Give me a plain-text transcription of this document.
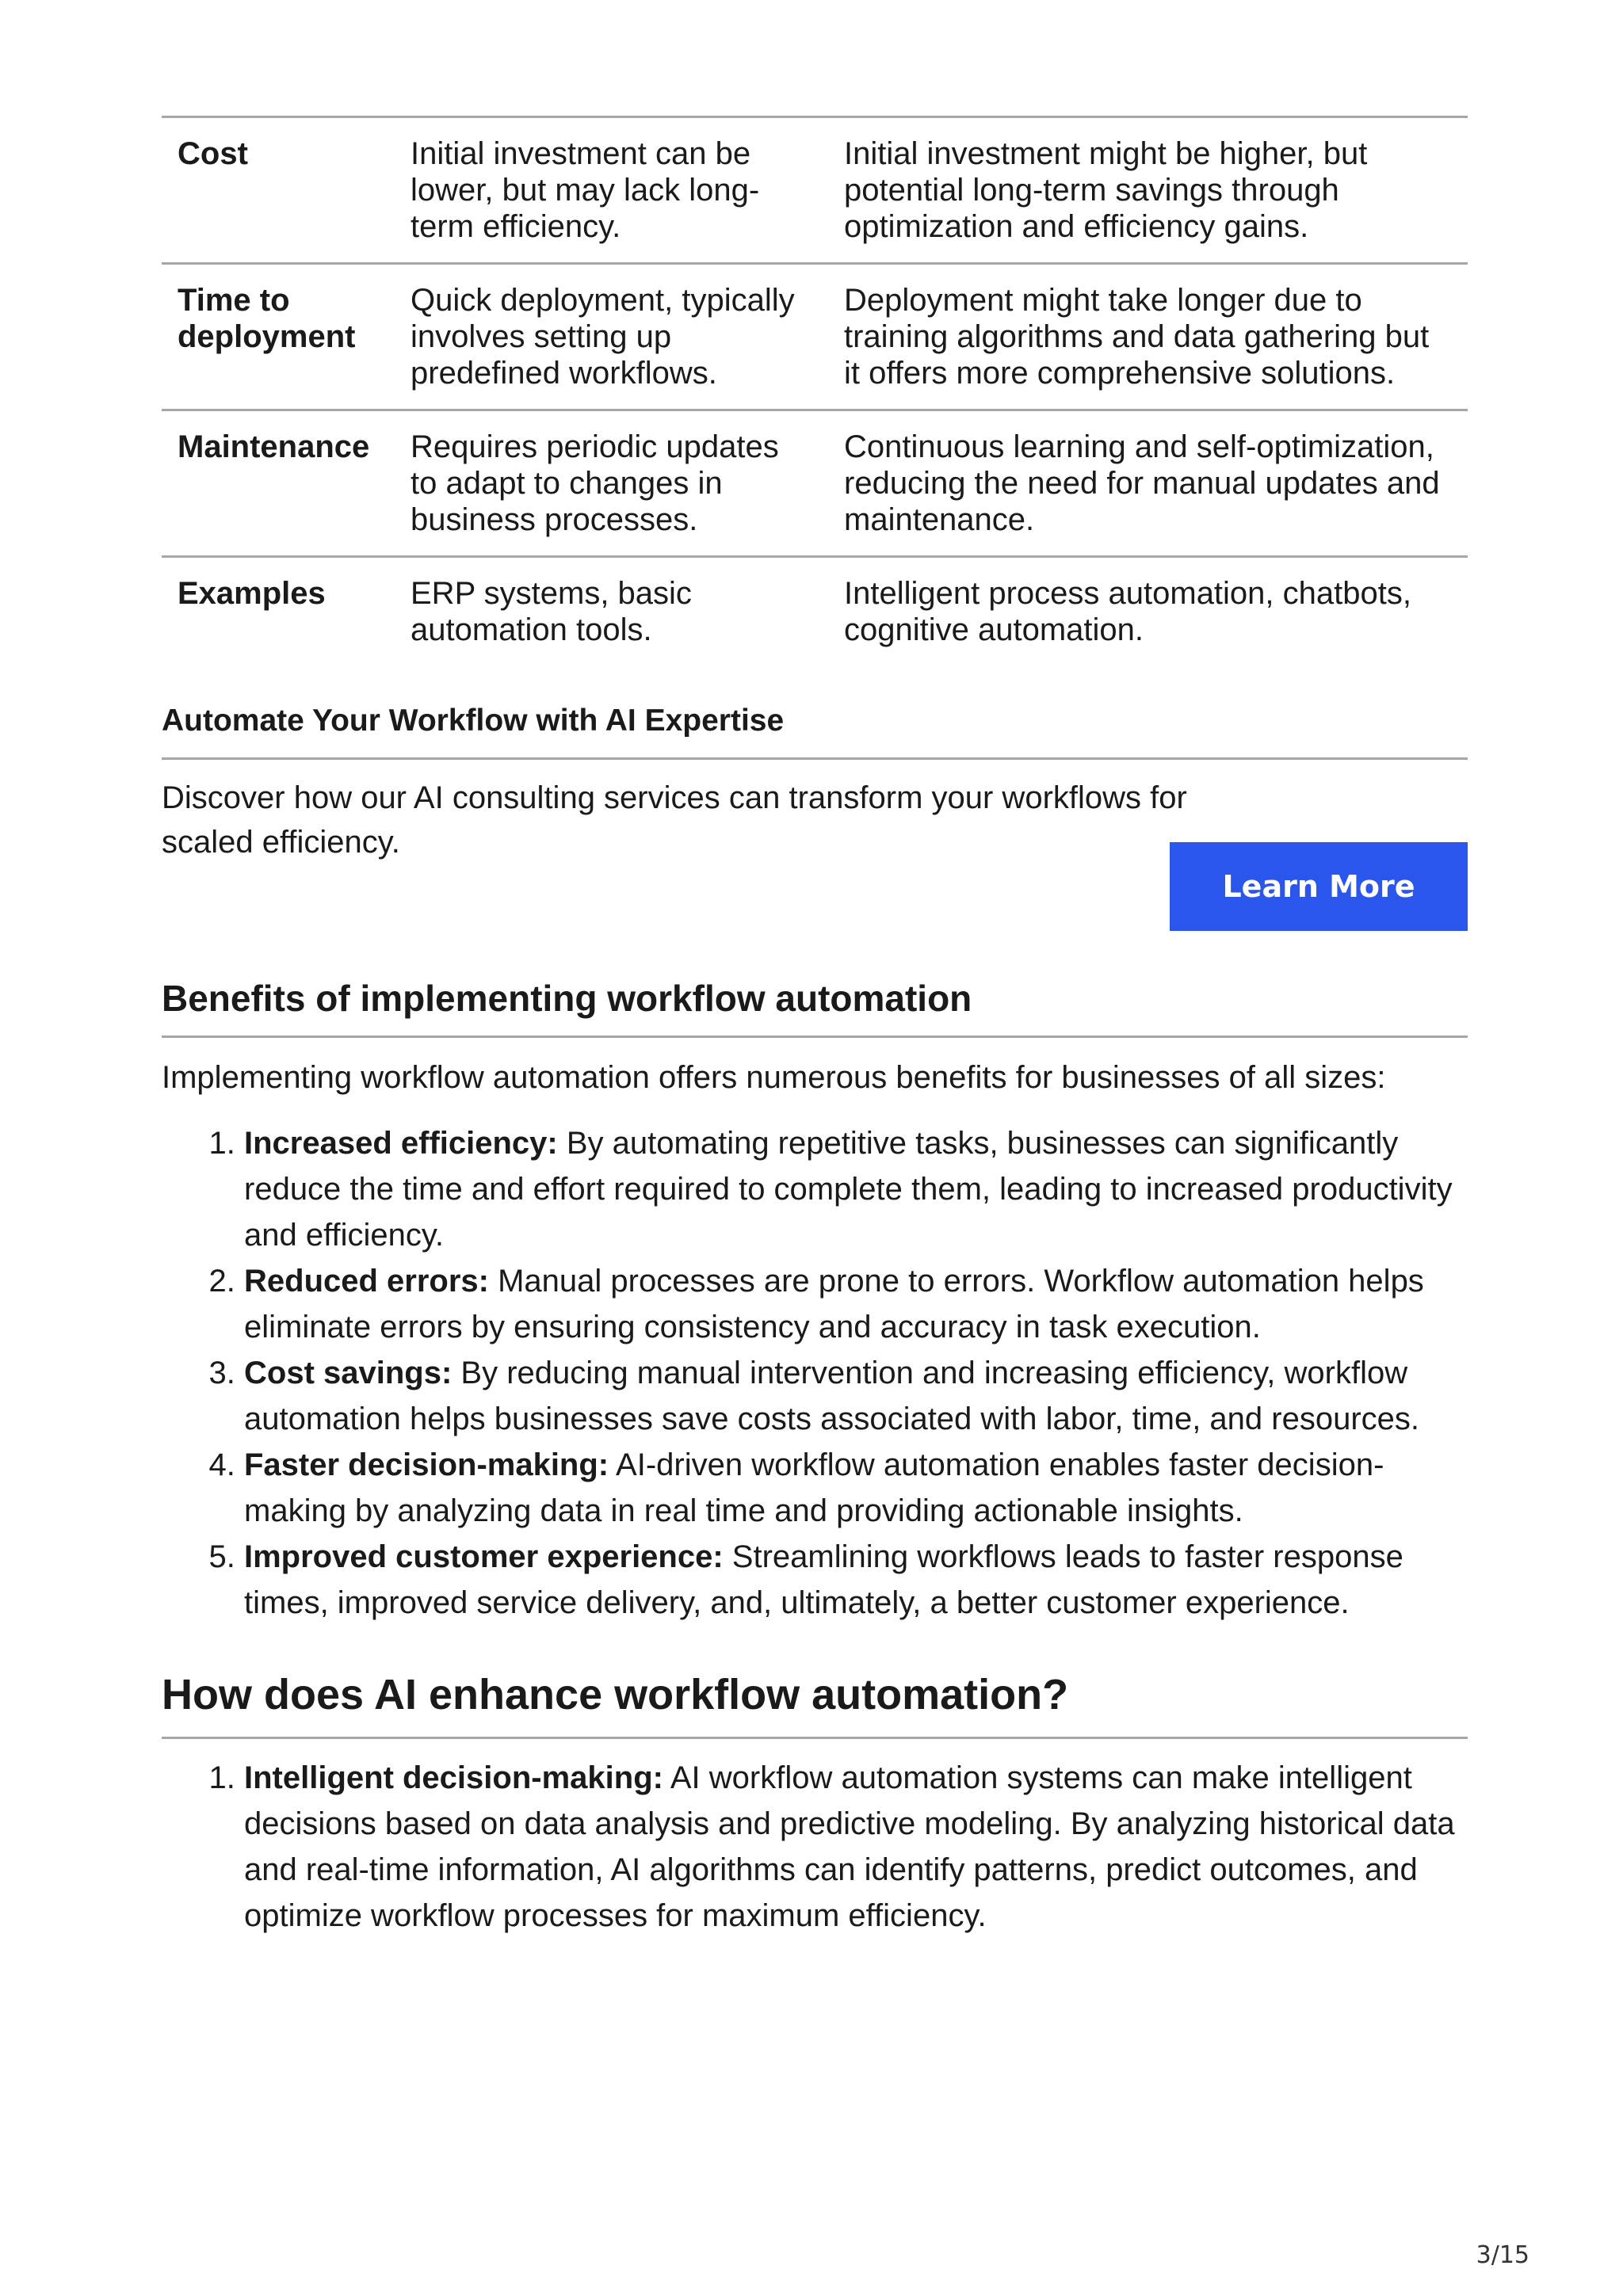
Cost	Initial investment can be lower, but may lack long-term efficiency.	Initial investment might be higher, but potential long-term savings through optimization and efficiency gains.
Time to deployment	Quick deployment, typically involves setting up predefined workflows.	Deployment might take longer due to training algorithms and data gathering but it offers more comprehensive solutions.
Maintenance	Requires periodic updates to adapt to changes in business processes.	Continuous learning and self-optimization, reducing the need for manual updates and maintenance.
Examples	ERP systems, basic automation tools.	Intelligent process automation, chatbots, cognitive automation.
Automate Your Workflow with AI Expertise
Discover how our AI consulting services can transform your workflows for scaled efficiency.
Learn More
Benefits of implementing workflow automation
Implementing workflow automation offers numerous benefits for businesses of all sizes:
1. Increased efficiency: By automating repetitive tasks, businesses can significantly reduce the time and effort required to complete them, leading to increased productivity and efficiency.
2. Reduced errors: Manual processes are prone to errors. Workflow automation helps eliminate errors by ensuring consistency and accuracy in task execution.
3. Cost savings: By reducing manual intervention and increasing efficiency, workflow automation helps businesses save costs associated with labor, time, and resources.
4. Faster decision-making: AI-driven workflow automation enables faster decision-making by analyzing data in real time and providing actionable insights.
5. Improved customer experience: Streamlining workflows leads to faster response times, improved service delivery, and, ultimately, a better customer experience.
How does AI enhance workflow automation?
1. Intelligent decision-making: AI workflow automation systems can make intelligent decisions based on data analysis and predictive modeling. By analyzing historical data and real-time information, AI algorithms can identify patterns, predict outcomes, and optimize workflow processes for maximum efficiency.
3/15
